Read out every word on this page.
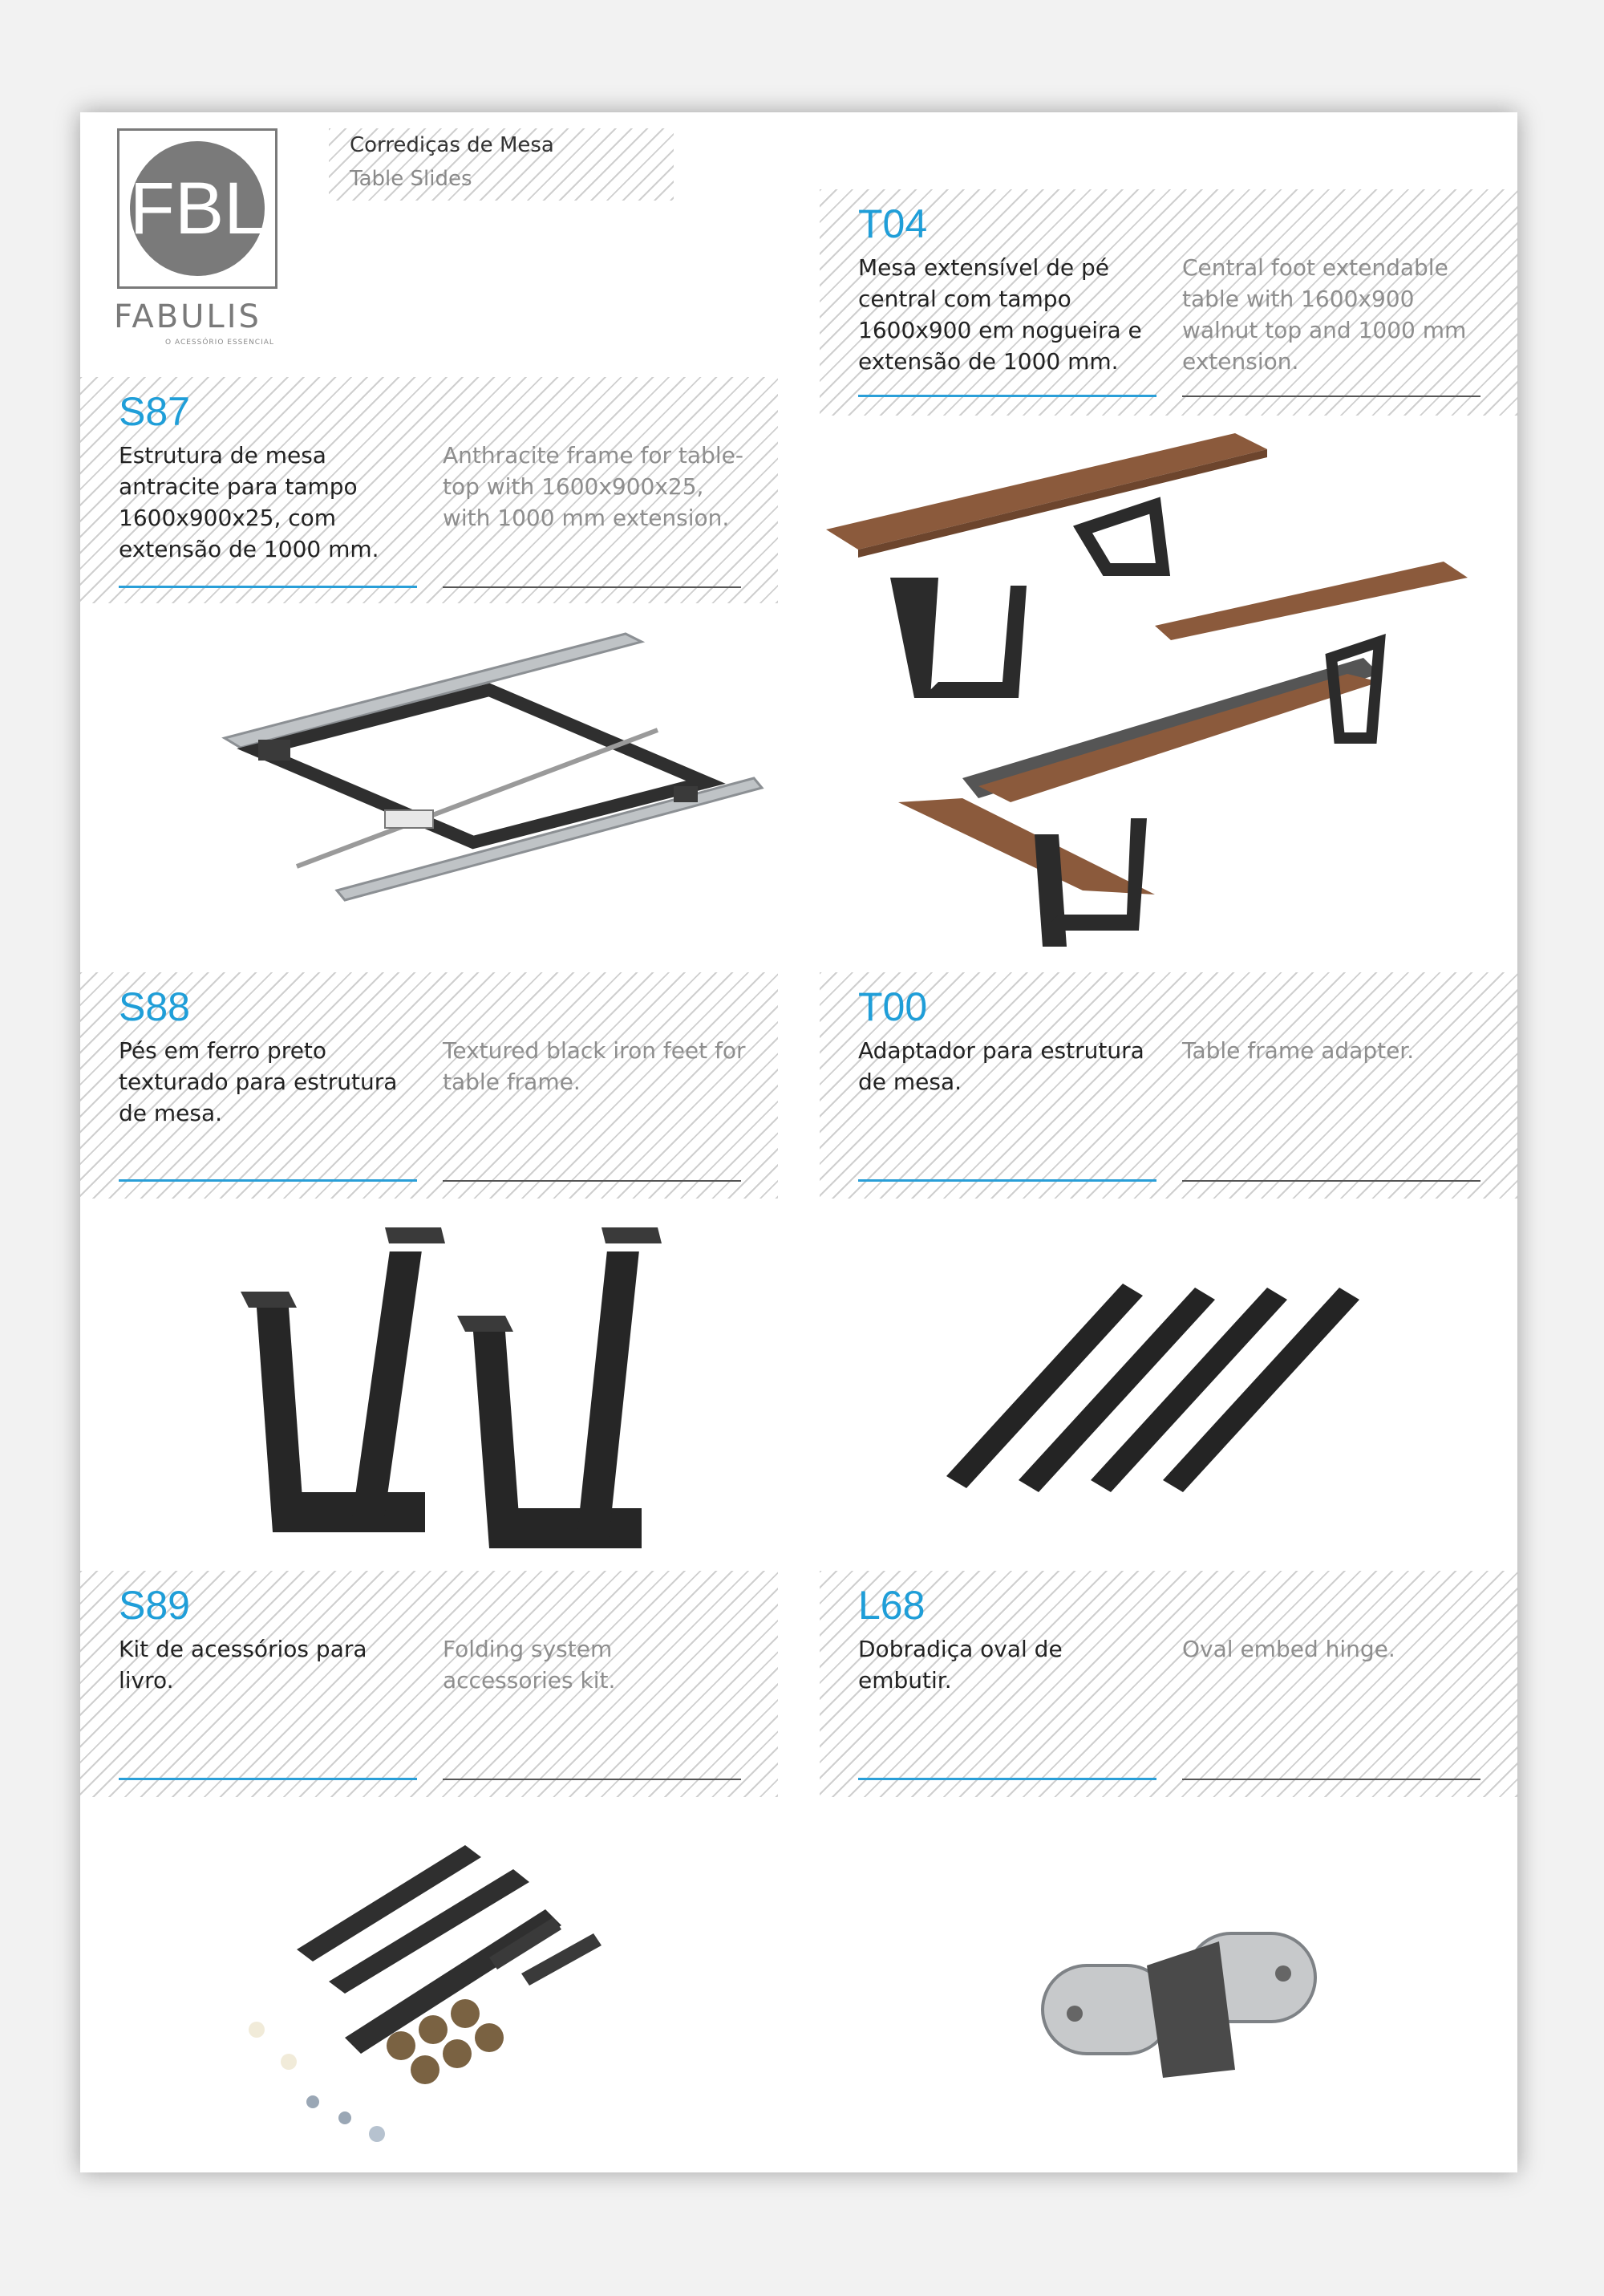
FBL
FABULIS
O ACESSÓRIO ESSENCIAL
Corrediças de Mesa
Table Slides
S87
Estrutura de mesa antracite para tampo 1600x900x25, com extensão de 1000 mm.
Anthracite frame for table-top with 1600x900x25, with 1000 mm extension.
T04
Mesa extensível de pé central com tampo 1600x900 em nogueira e extensão de 1000 mm.
Central foot extendable table with 1600x900 walnut top and 1000 mm extension.
S88
Pés em ferro preto texturado para estrutura de mesa.
Textured black iron feet for table frame.
T00
Adaptador para estrutura de mesa.
Table frame adapter.
S89
Kit de acessórios para livro.
Folding system accessories kit.
L68
Dobradiça oval de embutir.
Oval embed hinge.
